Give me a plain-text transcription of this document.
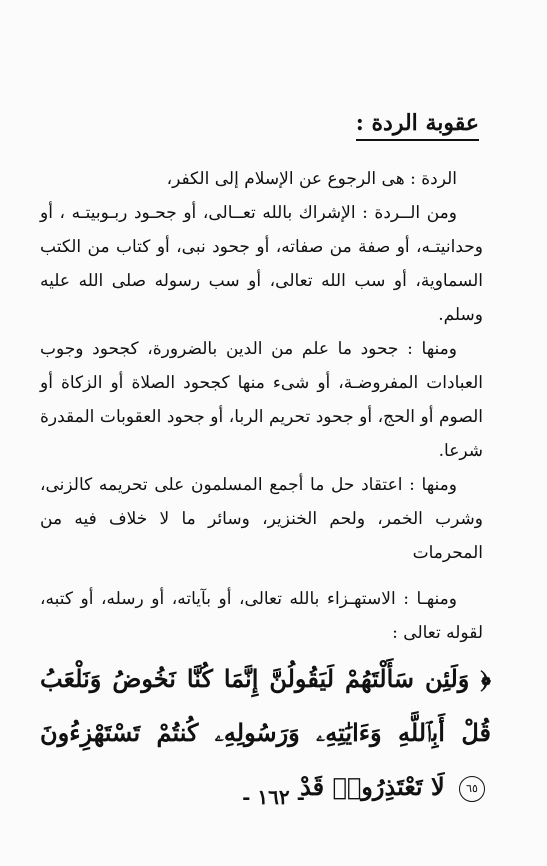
عقوبة الردة :

الردة : هى الرجوع عن الإسلام إلى الكفر،

ومن الــردة : الإشراك بالله تعــالى، أو جحـود ربـوبيتـه ، أو وحدانيتـه، أو صفة من صفاته، أو جحود نبى، أو كتاب من الكتب السماوية، أو سب الله تعالى، أو سب رسوله صلى الله عليه وسلم.

ومنها : جحود ما علم من الدين بالضرورة، كجحود وجوب العبادات المفروضـة، أو شىء منها كجحود الصلاة أو الزكاة أو الصوم أو الحج، أو جحود تحريم الربا، أو جحود العقوبات المقدرة شرعا.

ومنها : اعتقاد حل ما أجمع المسلمون على تحريمه كالزنى، وشرب الخمر، ولحم الخنزير، وسائر ما لا خلاف فيه من المحرمات

ومنهـا : الاستهـزاء بالله تعالى، أو بآياته، أو رسله، أو كتبه، لقوله تعالى :

﴿ وَلَئِن سَأَلْتَهُمْ لَيَقُولُنَّ إِنَّمَا كُنَّا نَخُوضُ وَنَلْعَبُ قُلْ أَبِٱللَّهِ وَءَايَٰتِهِۦ وَرَسُولِهِۦ كُنتُمْ تَسْتَهْزِءُونَ ٦٥ لَا تَعْتَذِرُوا۟ قَدْ
- ١٦٢ -
